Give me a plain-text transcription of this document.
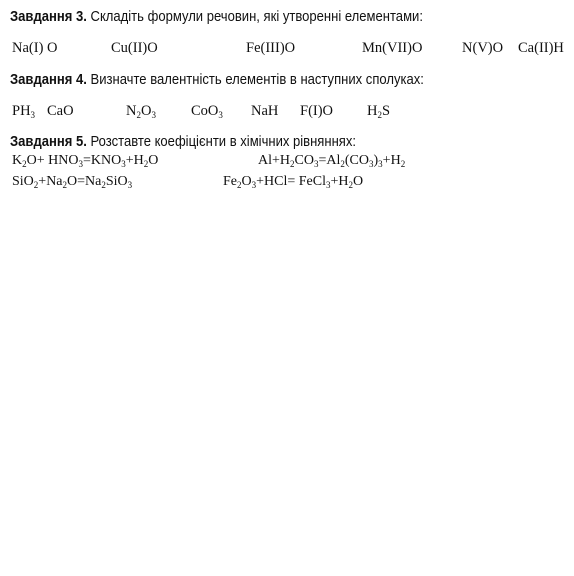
Завдання 3. Складіть формули речовин, які утворенні елементами:
Na(I) O	Cu(II)O	Fe(III)O	Mn(VII)O	N(V)O Ca(II)H
Завдання 4. Визначте валентність елементів в наступних сполуках:
$PH_3$ CaO	$N_2O_3$ CoO$_3$ NaH F(I)O $H_2S$
Завдання 5. Розставте коефіцієнти в хімічних рівняннях:
$K_2O+ HNO_3=KNO_3+H_2O$	$Al+H_2CO_3=Al_2(CO_3)_3+H_2$
$SiO_2+Na_2O=Na_2SiO_3$	$Fe_2O_3+HCl=$ $FeCl_3+H_2O$
